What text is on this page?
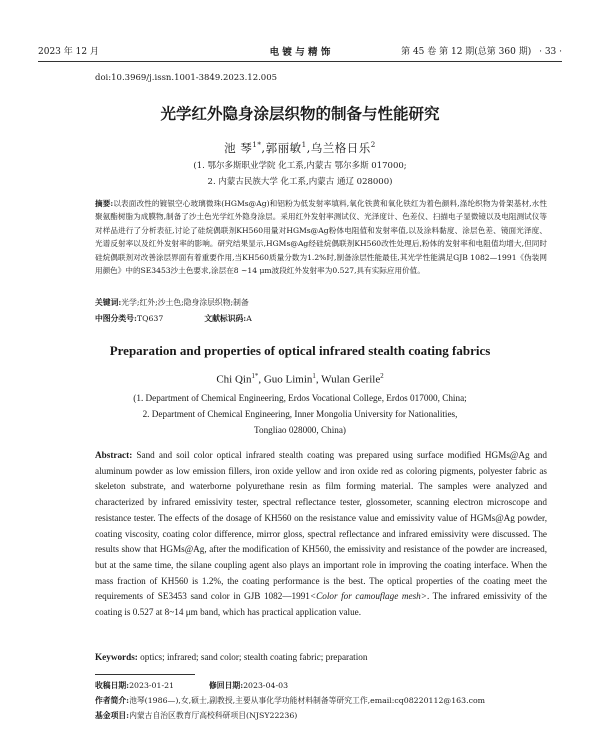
2023 年 12 月	电 镀 与 精 饰	第 45 卷 第 12 期(总第 360 期) · 33 ·
doi:10.3969/j.issn.1001-3849.2023.12.005
光学红外隐身涂层织物的制备与性能研究
池 琴$^{1*}$,郭丽敏$^1$,乌兰格日乐$^2$
(1. 鄂尔多斯职业学院 化工系,内蒙古 鄂尔多斯 017000;
2. 内蒙古民族大学 化工系,内蒙古 通辽 028000)
摘要:以表面改性的镀银空心玻璃微珠(HGMs@Ag)和铝粉为低发射率填料,氧化铁黄和氧化铁红为着色颜料,涤纶织物为骨架基材,水性聚氨酯树脂为成膜物,制备了沙土色光学红外隐身涂层。采用红外发射率测试仪、光泽度计、色差仪、扫描电子显微镜以及电阻测试仪等对样品进行了分析表征,讨论了硅烷偶联剂KH560用量对HGMs@Ag粉体电阻值和发射率值,以及涂料黏度、涂层色差、镜面光泽度、光谱反射率以及红外发射率的影响。研究结果显示,HGMs@Ag经硅烷偶联剂KH560改性处理后,粉体的发射率和电阻值均增大,但同时硅烷偶联剂对改善涂层界面有着重要作用,当KH560质量分数为1.2%时,制备涂层性能最佳,其光学性能满足GJB 1082—1991《伪装网用颜色》中的SE3453沙土色要求,涂层在8 ~14 μm波段红外发射率为0.527,具有实际应用价值。
关键词:光学;红外;沙土色;隐身涂层织物;制备
中图分类号:TQ637	文献标识码:A
Preparation and properties of optical infrared stealth coating fabrics
Chi Qin$^{1*}$, Guo Limin$^1$, Wulan Gerile$^2$
(1. Department of Chemical Engineering, Erdos Vocational College, Erdos 017000, China;
2. Department of Chemical Engineering, Inner Mongolia University for Nationalities,
Tongliao 028000, China)
Abstract: Sand and soil color optical infrared stealth coating was prepared using surface modified HGMs@Ag and aluminum powder as low emission fillers, iron oxide yellow and iron oxide red as coloring pigments, polyester fabric as skeleton substrate, and waterborne polyurethane resin as film forming material. The samples were analyzed and characterized by infrared emissivity tester, spectral reflectance tester, glossometer, scanning electron microscope and resistance tester. The effects of the dosage of KH560 on the resistance value and emissivity value of HGMs@Ag powder, coating viscosity, coating color difference, mirror gloss, spectral reflectance and infrared emissivity were discussed. The results show that HGMs@Ag, after the modification of KH560, the emissivity and resistance of the powder are increased, but at the same time, the silane coupling agent also plays an important role in improving the coating interface. When the mass fraction of KH560 is 1.2%, the coating performance is the best. The optical properties of the coating meet the requirements of SE3453 sand color in GJB 1082—1991<Color for camouflage mesh>. The infrared emissivity of the coating is 0.527 at 8~14 μm band, which has practical application value.
Keywords: optics; infrared; sand color; stealth coating fabric; preparation
收稿日期:2023-01-21	修回日期:2023-04-03
作者简介:池琴(1986—),女,硕士,副教授,主要从事化学功能材料制备等研究工作,email:cq08220112@163.com
基金项目:内蒙古自治区教育厅高校科研项目(NJSY22236)
